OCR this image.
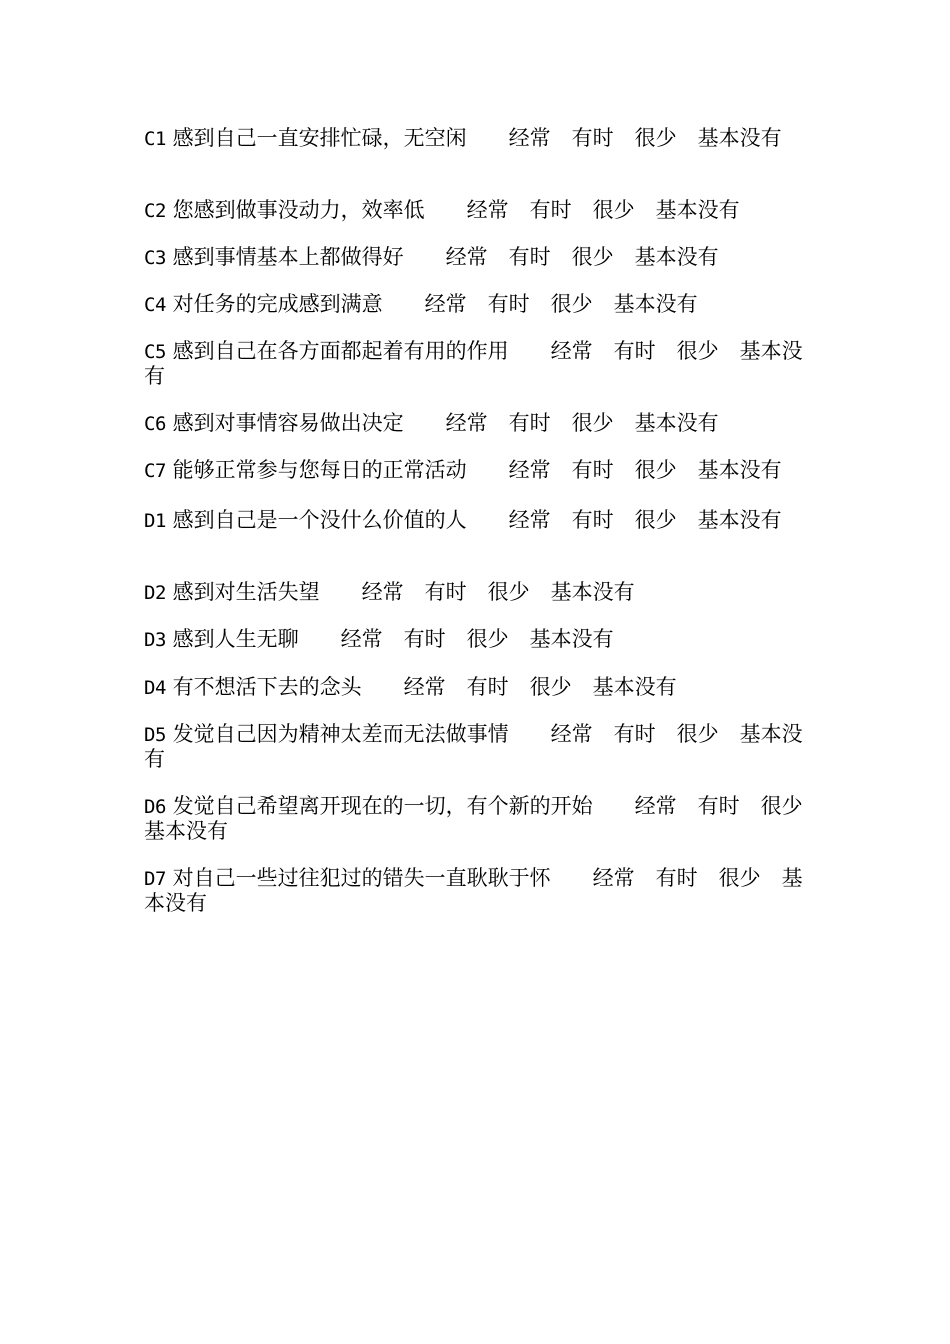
C1 感到自己一直安排忙碌，无空闲　　 经常　有时　很少　基本没有

C2 您感到做事没动力，效率低　　 经常　有时　很少　基本没有

C3 感到事情基本上都做得好　　 经常　有时　很少　基本没有

C4 对任务的完成感到满意　　 经常　有时　很少　基本没有

C5 感到自己在各方面都起着有用的作用　　 经常　有时　很少　基本没有

C6 感到对事情容易做出决定　　 经常　有时　很少　基本没有

C7 能够正常参与您每日的正常活动　　 经常　有时　很少　基本没有

D1 感到自己是一个没什么价值的人　　 经常　有时　很少　基本没有

D2 感到对生活失望　　 经常　有时　很少　基本没有

D3 感到人生无聊　　 经常　有时　很少　基本没有

D4 有不想活下去的念头　　 经常　有时　很少　基本没有

D5 发觉自己因为精神太差而无法做事情　　 经常　有时　很少　基本没有

D6 发觉自己希望离开现在的一切，有个新的开始　　 经常　有时　很少　基本没有

D7 对自己一些过往犯过的错失一直耿耿于怀　　 经常　有时　很少　基本没有
